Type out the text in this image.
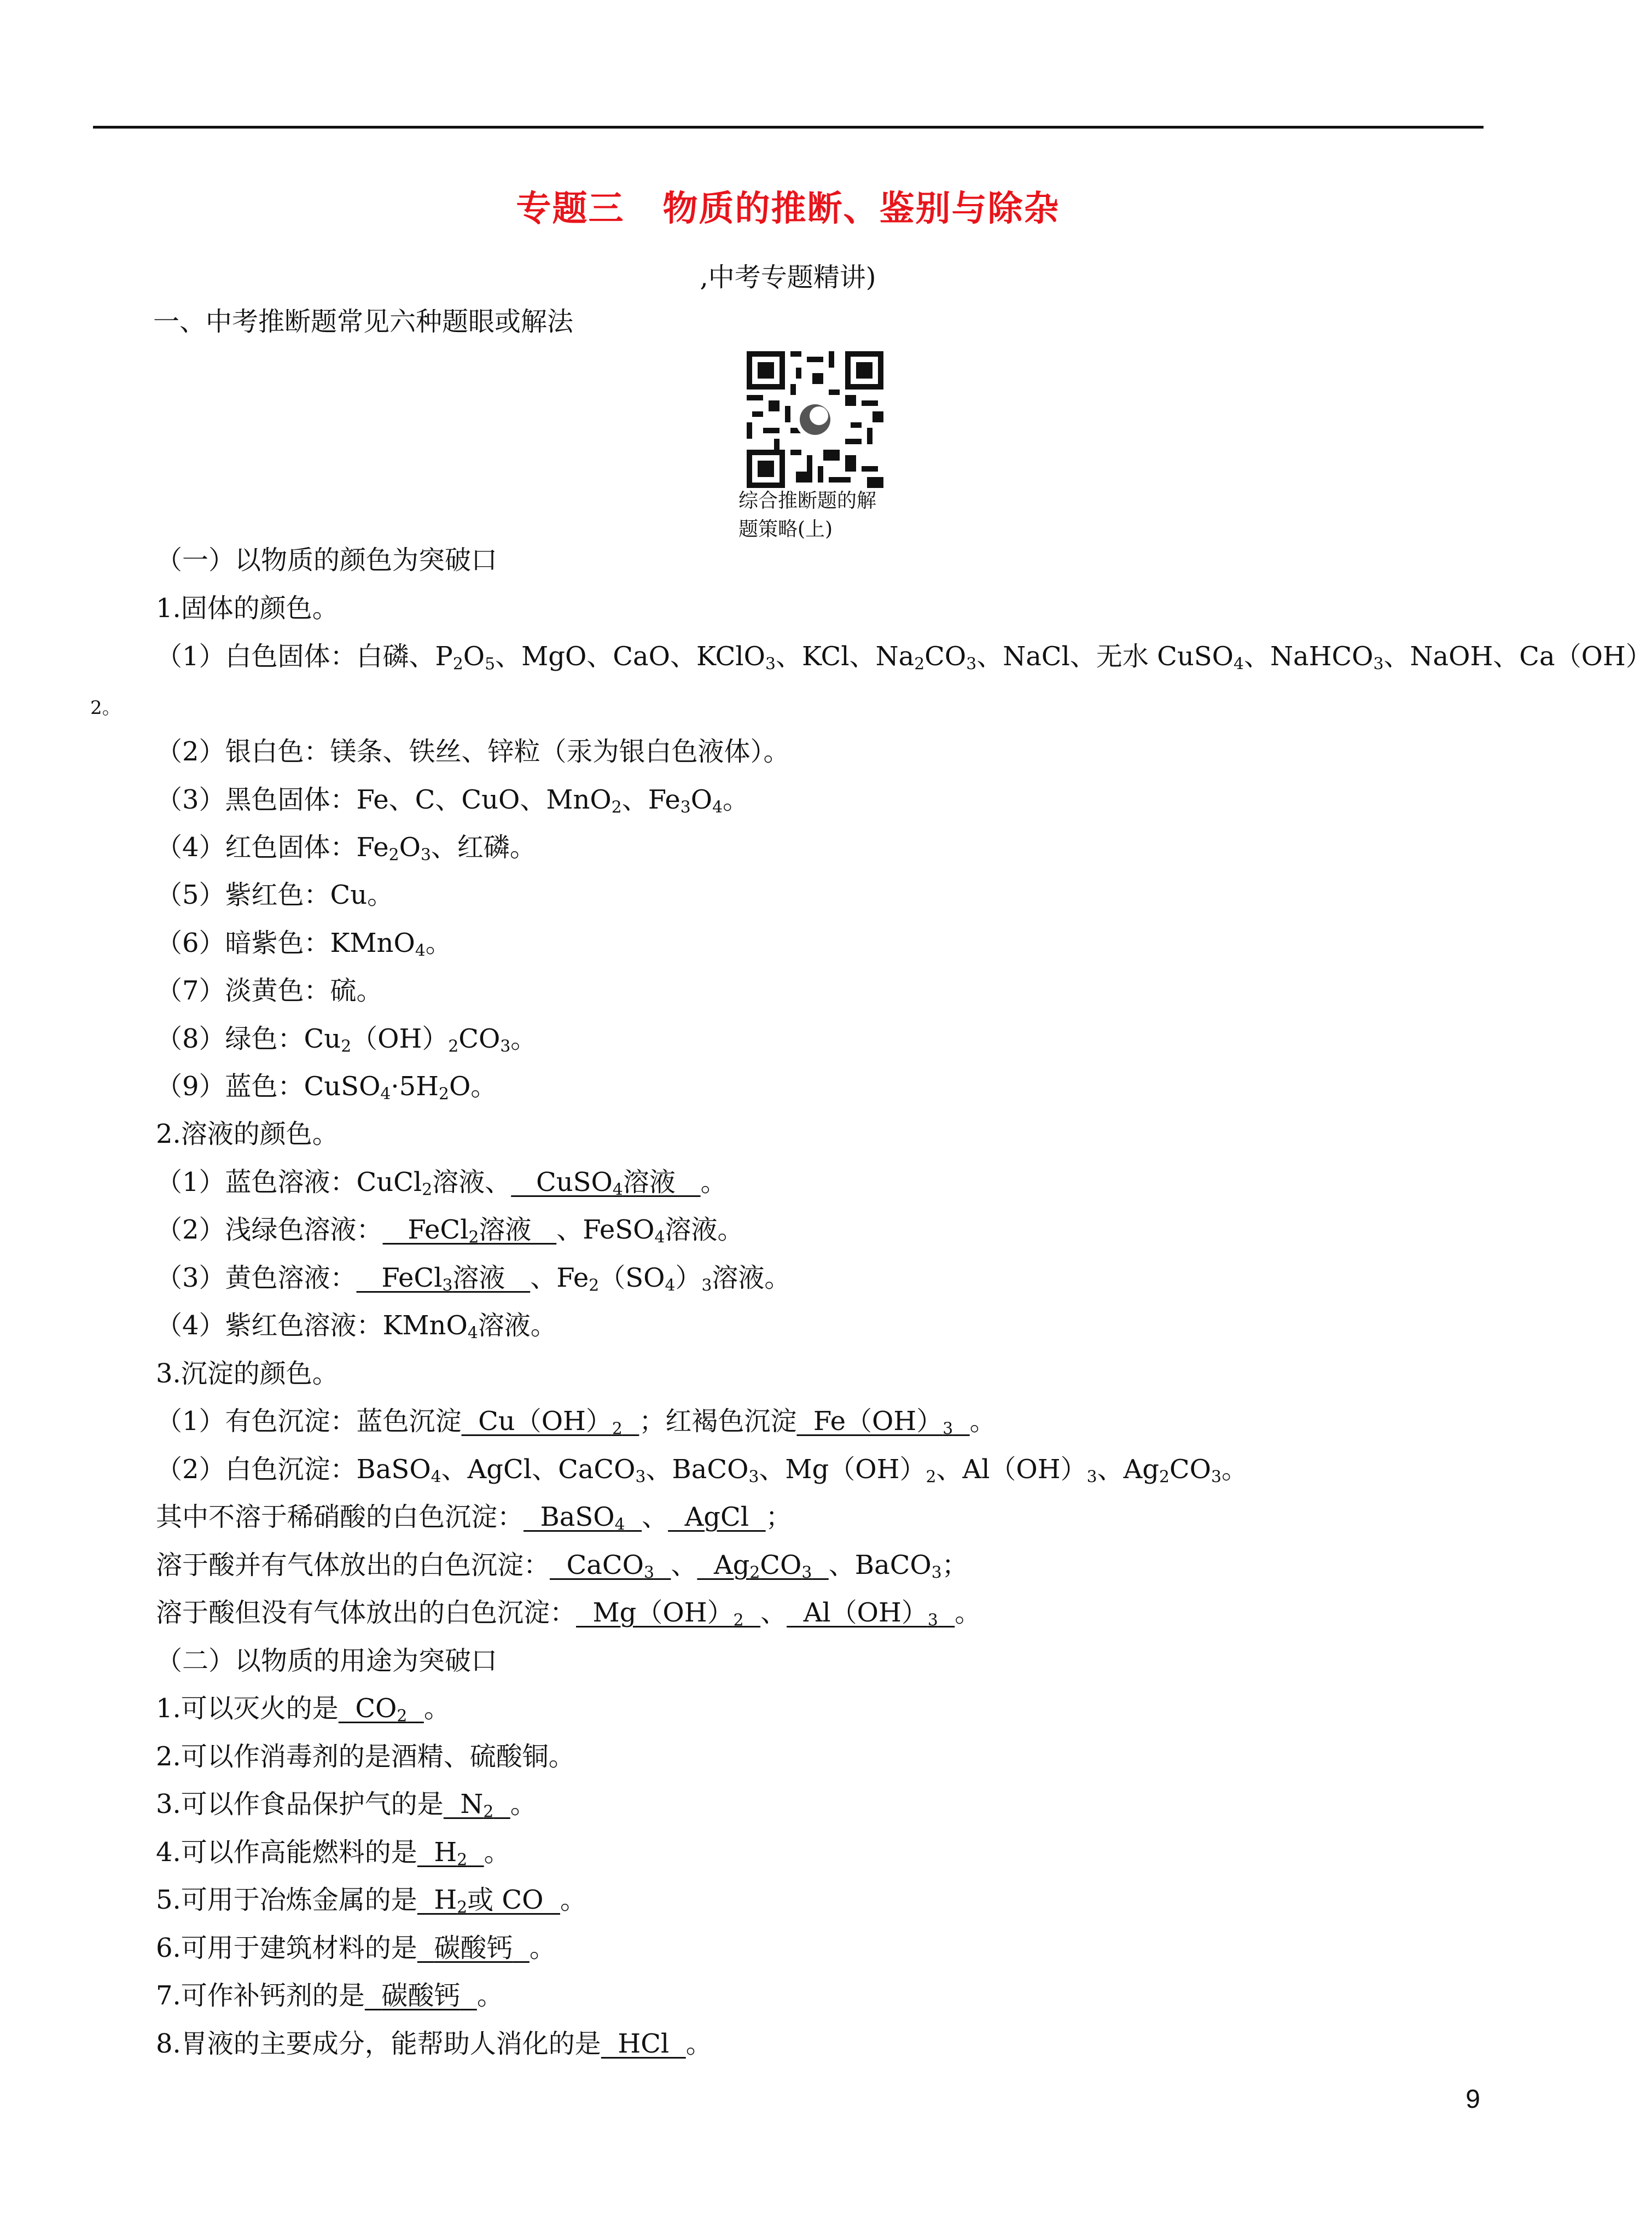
专题三 物质的推断、鉴别与除杂
,中考专题精讲)
一、中考推断题常见六种题眼或解法
综合推断题的解
题策略(上)
（一）以物质的颜色为突破口
1.固体的颜色。
（1）白色固体：白磷、$P_2O_5$、MgO、CaO、KClO$_3$、KCl、$Na_2CO_3$、NaCl、无水 CuSO$_4$、NaHCO$_3$、NaOH、Ca（OH）
2。
（2）银白色：镁条、铁丝、锌粒（汞为银白色液体）。
（3）黑色固体：Fe、C、CuO、MnO$_2$、$Fe_3O_4$。
（4）红色固体：$Fe_2O_3$、红磷。
（5）紫红色：Cu。
（6）暗紫色：KMnO$_4$。
（7）淡黄色：硫。
（8）绿色：$Cu_2(OH)_2CO_3$。
（9）蓝色：$CuSO_4\cdot 5H_2O$。
2.溶液的颜色。
（1）蓝色溶液：CuCl$_2$溶液、   CuSO$_4$溶液   。
（2）浅绿色溶液：   FeCl$_2$溶液   、FeSO$_4$溶液。
（3）黄色溶液：   FeCl$_3$溶液   、$Fe_2(SO_4)_3$溶液。
（4）紫红色溶液：KMnO$_4$溶液。
3.沉淀的颜色。
（1）有色沉淀：蓝色沉淀  $Cu(OH)_2$ ；红褐色沉淀  $Fe(OH)_3$ 。
（2）白色沉淀：BaSO$_4$、AgCl、CaCO$_3$、BaCO$_3$、$Mg(OH)_2$、$Al(OH)_3$、$Ag_2CO_3$。
其中不溶于稀硝酸的白色沉淀：  BaSO$_4$ 、  AgCl  ；
溶于酸并有气体放出的白色沉淀：  CaCO$_3$ 、  $Ag_2CO_3$ 、BaCO$_3$；
溶于酸但没有气体放出的白色沉淀：  $Mg(OH)_2$ 、  $Al(OH)_3$ 。
（二）以物质的用途为突破口
1.可以灭火的是  $CO_2$ 。
2.可以作消毒剂的是酒精、硫酸铜。
3.可以作食品保护气的是  $N_2$ 。
4.可以作高能燃料的是  $H_2$ 。
5.可用于冶炼金属的是  $H_2$或 CO  。
6.可用于建筑材料的是 碳酸钙 。
7.可作补钙剂的是 碳酸钙 。
8.胃液的主要成分，能帮助人消化的是  HCl  。
9
